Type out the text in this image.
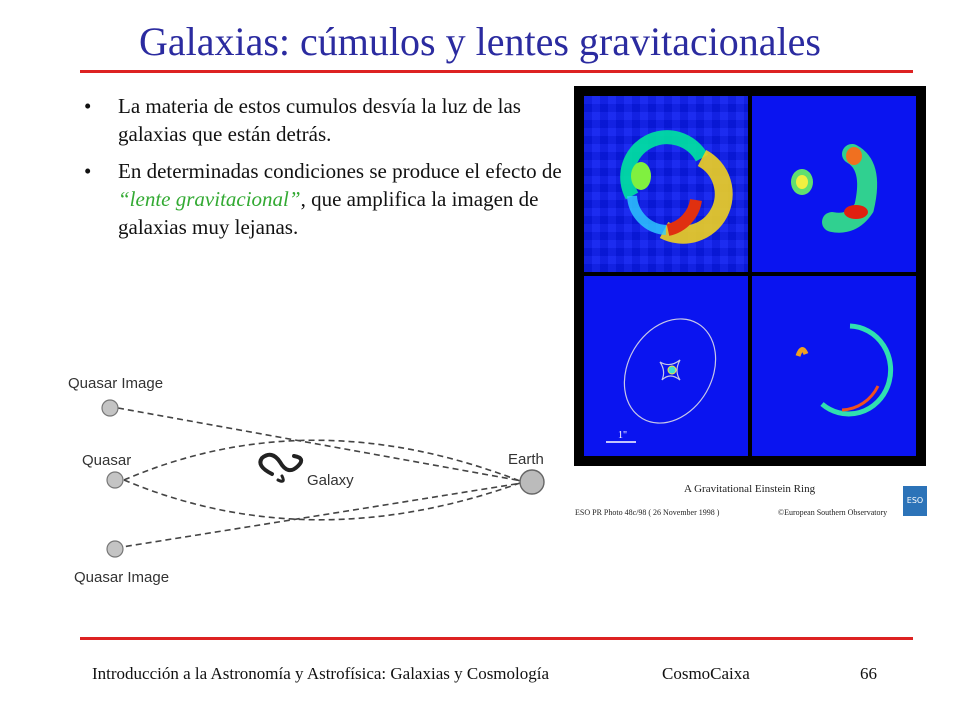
Galaxias: cúmulos y lentes gravitacionales
• La materia de estos cumulos desvía la luz de las galaxias que están detrás.
• En determinadas condiciones se produce el efecto de “lente gravitacional”, que amplifica la imagen de galaxias muy lejanas.
1"
A Gravitational Einstein Ring
ESO PR Photo 48c/98 ( 26 November 1998 )	©European Southern Observatory
ESO
Quasar Image
Quasar
Galaxy
Earth
Quasar Image
Introducción a la Astronomía y Astrofísica: Galaxias y Cosmología	CosmoCaixa	66
